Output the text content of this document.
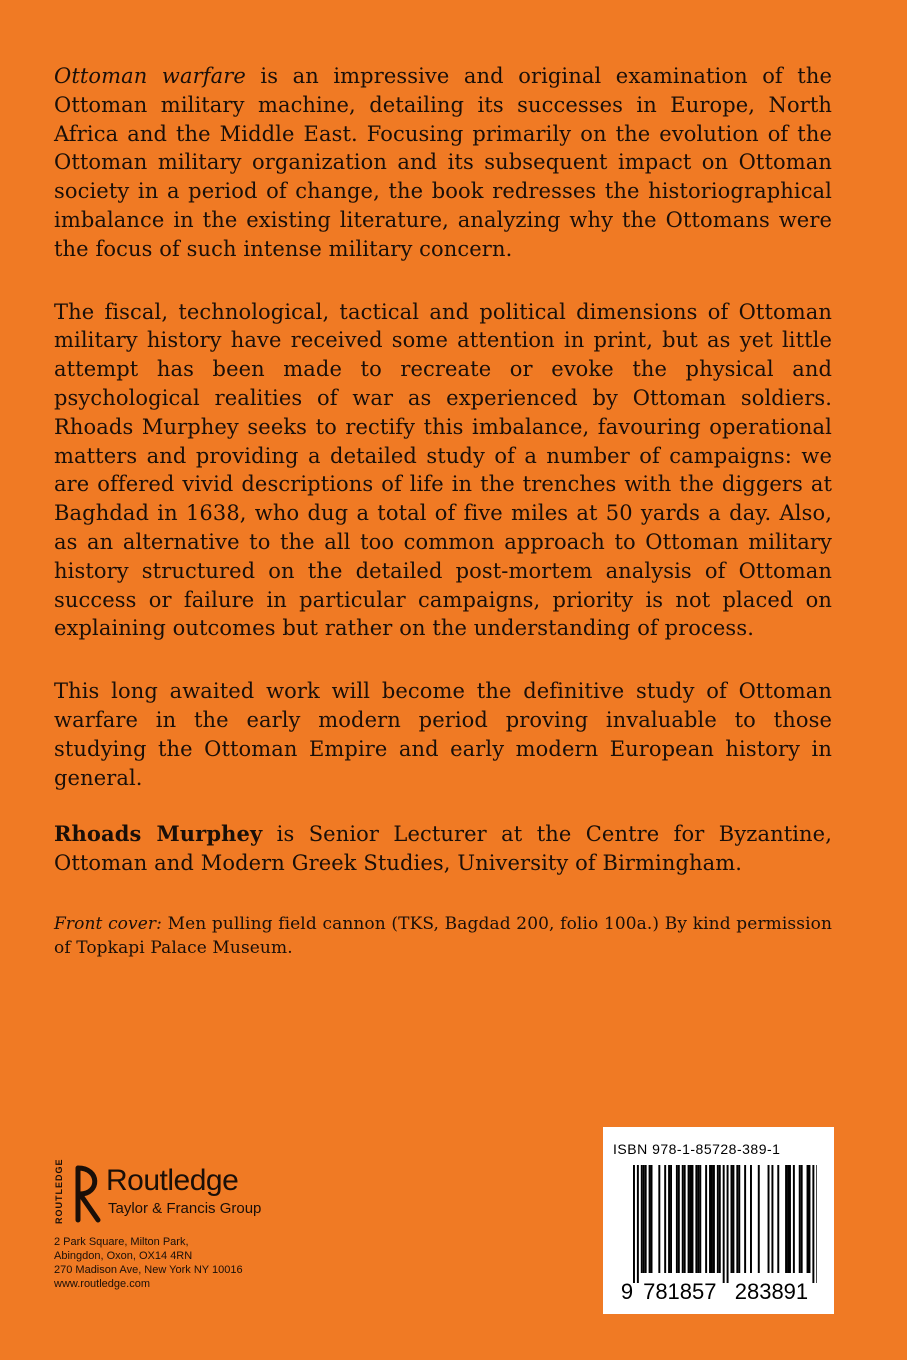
Ottoman warfare is an impressive and original examination of the Ottoman military machine, detailing its successes in Europe, North Africa and the Middle East. Focusing primarily on the evolution of the Ottoman military organization and its subsequent impact on Ottoman society in a period of change, the book redresses the historiographical imbalance in the existing literature, analyzing why the Ottomans were the focus of such intense military concern.

The fiscal, technological, tactical and political dimensions of Ottoman military history have received some attention in print, but as yet little attempt has been made to recreate or evoke the physical and psychological realities of war as experienced by Ottoman soldiers. Rhoads Murphey seeks to rectify this imbalance, favouring operational matters and providing a detailed study of a number of campaigns: we are offered vivid descriptions of life in the trenches with the diggers at Baghdad in 1638, who dug a total of five miles at 50 yards a day. Also, as an alternative to the all too common approach to Ottoman military history structured on the detailed post-mortem analysis of Ottoman success or failure in particular campaigns, priority is not placed on explaining outcomes but rather on the understanding of process.

This long awaited work will become the definitive study of Ottoman warfare in the early modern period proving invaluable to those studying the Ottoman Empire and early modern European history in general.

Rhoads Murphey is Senior Lecturer at the Centre for Byzantine, Ottoman and Modern Greek Studies, University of Birmingham.

Front cover: Men pulling field cannon (TKS, Bagdad 200, folio 100a.) By kind permission of Topkapi Palace Museum.

ROUTLEDGE Routledge
Taylor & Francis Group
2 Park Square, Milton Park,
Abingdon, Oxon, OX14 4RN
270 Madison Ave, New York NY 10016
www.routledge.com
ISBN 978-1-85728-389-1
9 781857 283891
